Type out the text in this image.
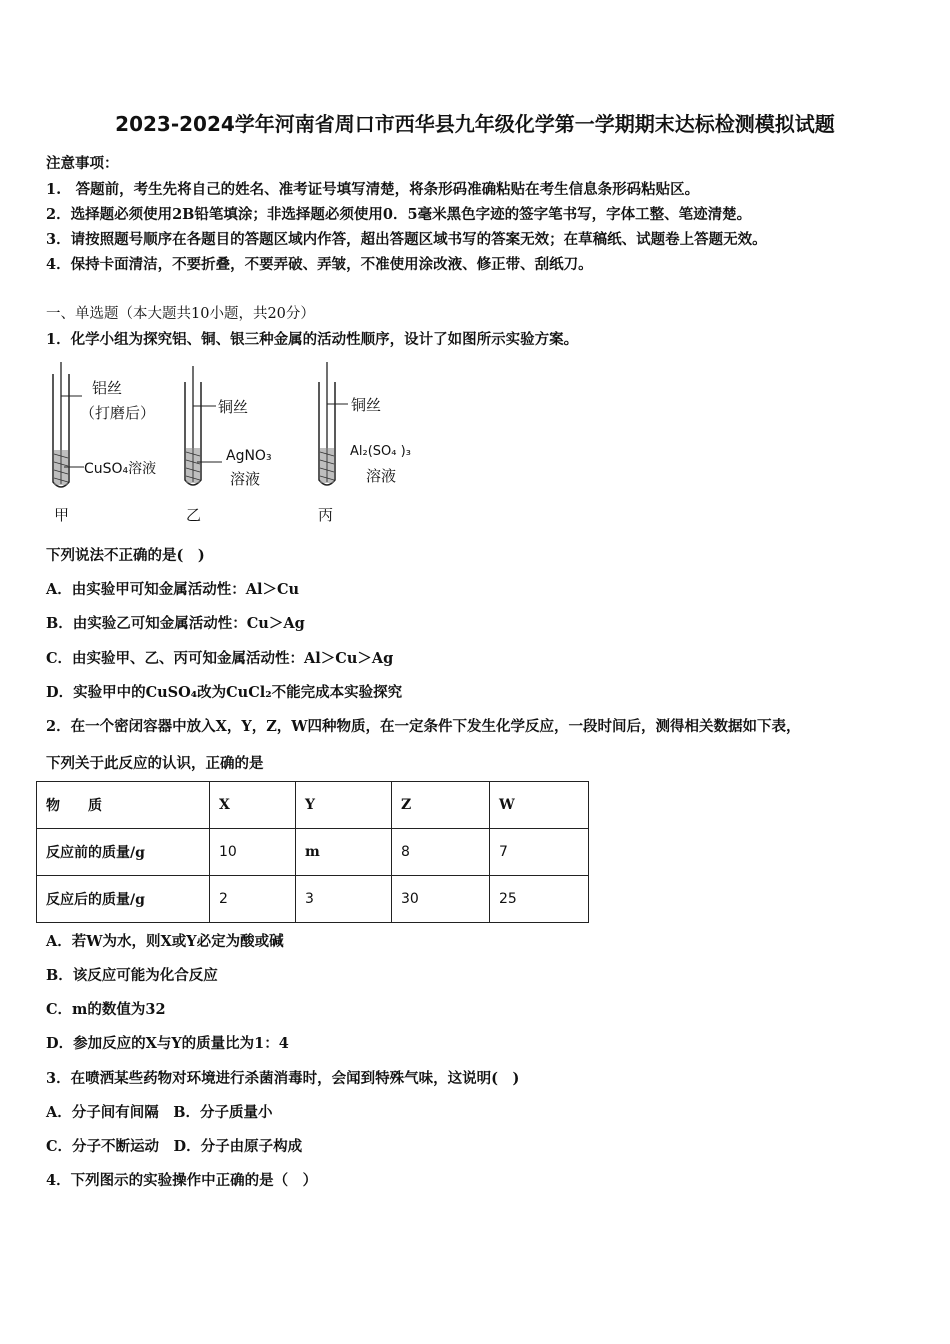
2023-2024学年河南省周口市西华县九年级化学第一学期期末达标检测模拟试题
注意事项：
1.　答题前，考生先将自己的姓名、准考证号填写清楚，将条形码准确粘贴在考生信息条形码粘贴区。
2．选择题必须使用2B铅笔填涂；非选择题必须使用0．5毫米黑色字迹的签字笔书写，字体工整、笔迹清楚。
3．请按照题号顺序在各题目的答题区域内作答，超出答题区域书写的答案无效；在草稿纸、试题卷上答题无效。
4．保持卡面清洁，不要折叠，不要弄破、弄皱，不准使用涂改液、修正带、刮纸刀。
一、单选题（本大题共10小题，共20分）
1．化学小组为探究铝、铜、银三种金属的活动性顺序，设计了如图所示实验方案。
铝丝
（打磨后）
CuSO₄溶液
甲
铜丝
AgNO₃
溶液
乙
铜丝
Al₂(SO₄ )₃
溶液
丙
下列说法不正确的是(　)
A．由实验甲可知金属活动性：Al＞Cu
B．由实验乙可知金属活动性：Cu＞Ag
C．由实验甲、乙、丙可知金属活动性：Al＞Cu＞Ag
D．实验甲中的CuSO₄改为CuCl₂不能完成本实验探究
2．在一个密闭容器中放入X，Y，Z，W四种物质，在一定条件下发生化学反应，一段时间后，测得相关数据如下表，
下列关于此反应的认识，正确的是
物　　质	X	Y	Z	W
反应前的质量/g	10	m	8	7
反应后的质量/g	2	3	30	25
A．若W为水，则X或Y必定为酸或碱
B．该反应可能为化合反应
C．m的数值为32
D．参加反应的X与Y的质量比为1：4
3．在喷洒某些药物对环境进行杀菌消毒时，会闻到特殊气味，这说明(　)
A．分子间有间隔　B．分子质量小
C．分子不断运动　D．分子由原子构成
4．下列图示的实验操作中正确的是（　）
